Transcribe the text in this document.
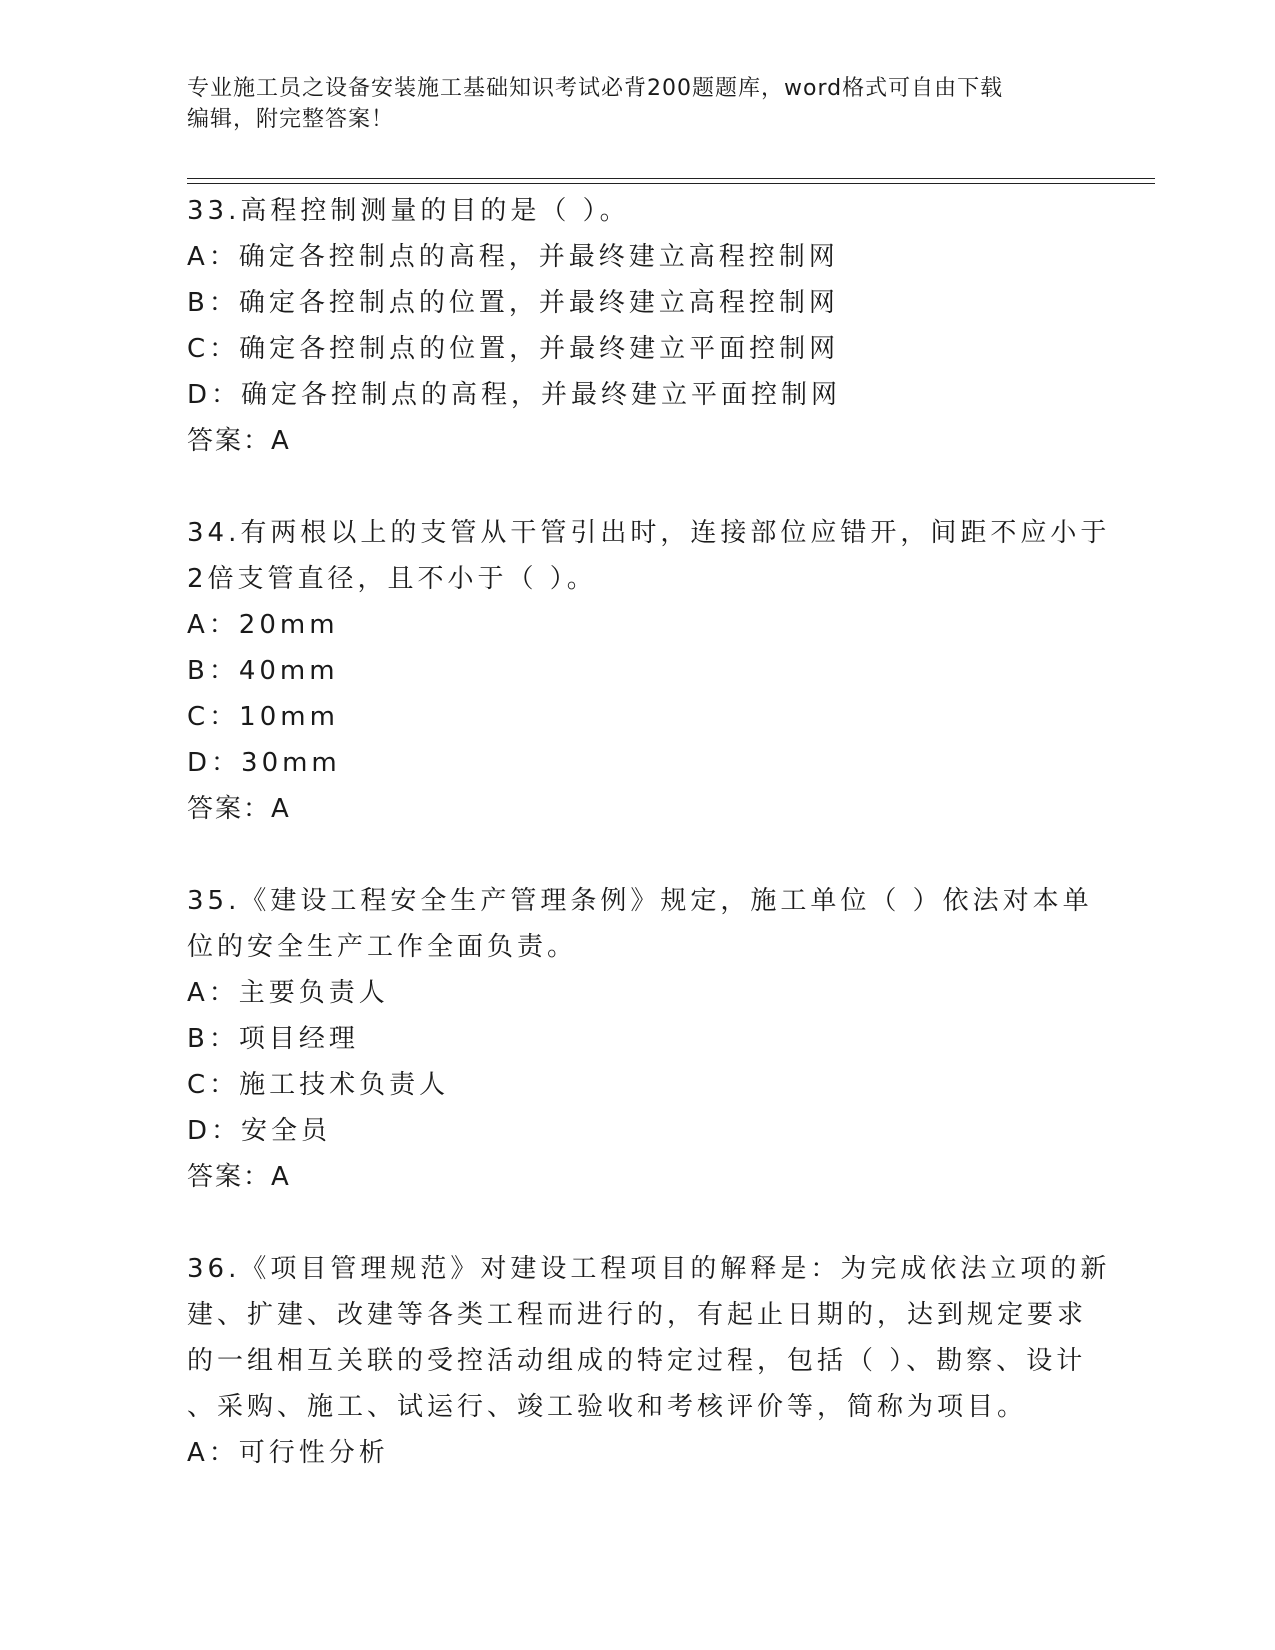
专业施工员之设备安装施工基础知识考试必背200题题库，word格式可自由下载
编辑，附完整答案！
33.高程控制测量的目的是（ ）。
A：确定各控制点的高程，并最终建立高程控制网
B：确定各控制点的位置，并最终建立高程控制网
C：确定各控制点的位置，并最终建立平面控制网
D：确定各控制点的高程，并最终建立平面控制网
答案：A
34.有两根以上的支管从干管引出时，连接部位应错开，间距不应小于
2倍支管直径，且不小于（ ）。
A：20mm
B：40mm
C：10mm
D：30mm
答案：A
35.《建设工程安全生产管理条例》规定，施工单位（ ）依法对本单
位的安全生产工作全面负责。
A：主要负责人
B：项目经理
C：施工技术负责人
D：安全员
答案：A
36.《项目管理规范》对建设工程项目的解释是：为完成依法立项的新
建、扩建、改建等各类工程而进行的，有起止日期的，达到规定要求
的一组相互关联的受控活动组成的特定过程，包括（ ）、勘察、设计
、采购、施工、试运行、竣工验收和考核评价等，简称为项目。
A：可行性分析
